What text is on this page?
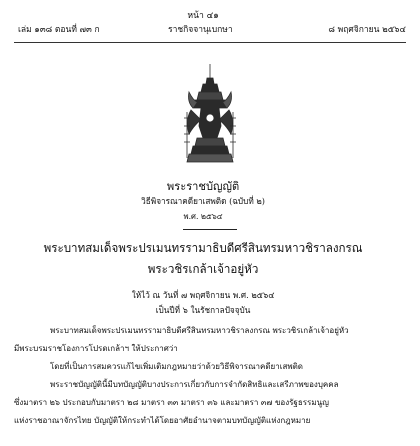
หน้า ๔๑
เล่ม ๑๓๘ ตอนที่ ๗๓ ก	ราชกิจจานุเบกษา	๘ พฤศจิกายน ๒๕๖๔
พระราชบัญญัติ
วิธีพิจารณาคดียาเสพติด (ฉบับที่ ๒)
พ.ศ. ๒๕๖๔
พระบาทสมเด็จพระปรเมนทรรามาธิบดีศรีสินทรมหาวชิราลงกรณ
พระวชิรเกล้าเจ้าอยู่หัว
ให้ไว้ ณ วันที่ ๗ พฤศจิกายน พ.ศ. ๒๕๖๔
เป็นปีที่ ๖ ในรัชกาลปัจจุบัน
พระบาทสมเด็จพระปรเมนทรรามาธิบดีศรีสินทรมหาวชิราลงกรณ พระวชิรเกล้าเจ้าอยู่หัว
มีพระบรมราชโองการโปรดเกล้าฯ ให้ประกาศว่า
โดยที่เป็นการสมควรแก้ไขเพิ่มเติมกฎหมายว่าด้วยวิธีพิจารณาคดียาเสพติด
พระราชบัญญัตินี้มีบทบัญญัติบางประการเกี่ยวกับการจำกัดสิทธิและเสรีภาพของบุคคล
ซึ่งมาตรา ๒๖ ประกอบกับมาตรา ๒๘ มาตรา ๓๓ มาตรา ๓๖ และมาตรา ๓๗ ของรัฐธรรมนูญ
แห่งราชอาณาจักรไทย บัญญัติให้กระทำได้โดยอาศัยอำนาจตามบทบัญญัติแห่งกฎหมาย
